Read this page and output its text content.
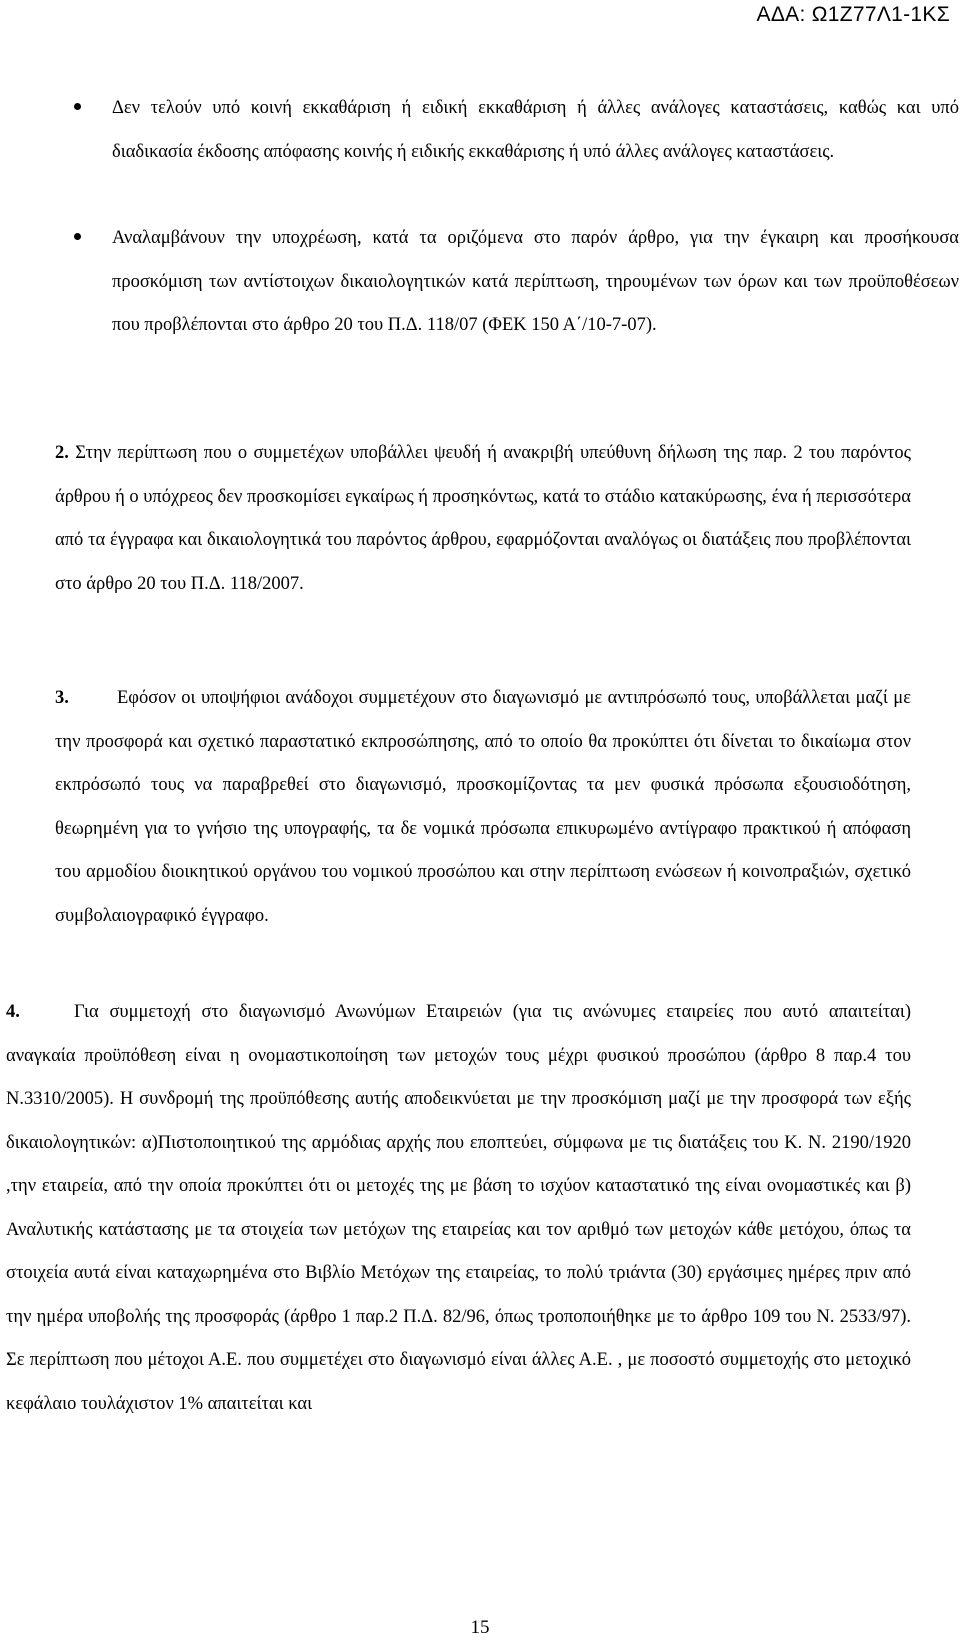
ΑΔΑ: Ω1Ζ77Λ1-1ΚΣ
Δεν τελούν υπό κοινή εκκαθάριση ή ειδική εκκαθάριση ή άλλες ανάλογες καταστάσεις, καθώς και υπό διαδικασία έκδοσης απόφασης κοινής ή ειδικής εκκαθάρισης ή υπό άλλες ανάλογες καταστάσεις.
Αναλαμβάνουν την υποχρέωση, κατά τα οριζόμενα στο παρόν άρθρο, για την έγκαιρη και προσήκουσα προσκόμιση των αντίστοιχων δικαιολογητικών κατά περίπτωση, τηρουμένων των όρων και των προϋποθέσεων που προβλέπονται στο άρθρο 20 του Π.Δ. 118/07 (ΦΕΚ 150 Α΄/10-7-07).
2. Στην περίπτωση που ο συμμετέχων υποβάλλει ψευδή ή ανακριβή υπεύθυνη δήλωση της παρ. 2 του παρόντος άρθρου ή ο υπόχρεος δεν προσκομίσει εγκαίρως ή προσηκόντως, κατά το στάδιο κατακύρωσης, ένα ή περισσότερα από τα έγγραφα και δικαιολογητικά του παρόντος άρθρου, εφαρμόζονται αναλόγως οι διατάξεις που προβλέπονται στο άρθρο 20 του Π.Δ. 118/2007.
3.	Εφόσον οι υποψήφιοι ανάδοχοι συμμετέχουν στο διαγωνισμό με αντιπρόσωπό τους, υποβάλλεται μαζί με την προσφορά και σχετικό παραστατικό εκπροσώπησης, από το οποίο θα προκύπτει ότι δίνεται το δικαίωμα στον εκπρόσωπό τους να παραβρεθεί στο διαγωνισμό, προσκομίζοντας τα μεν φυσικά πρόσωπα εξουσιοδότηση, θεωρημένη για το γνήσιο της υπογραφής, τα δε νομικά πρόσωπα επικυρωμένο αντίγραφο πρακτικού ή απόφαση του αρμοδίου διοικητικού οργάνου του νομικού προσώπου και στην περίπτωση ενώσεων ή κοινοπραξιών, σχετικό συμβολαιογραφικό έγγραφο.
4.	Για συμμετοχή στο διαγωνισμό Ανωνύμων Εταιρειών (για τις ανώνυμες εταιρείες που αυτό απαιτείται) αναγκαία προϋπόθεση είναι η ονομαστικοποίηση των μετοχών τους μέχρι φυσικού προσώπου (άρθρο 8 παρ.4 του Ν.3310/2005). Η συνδρομή της προϋπόθεσης αυτής αποδεικνύεται με την προσκόμιση μαζί με την προσφορά των εξής δικαιολογητικών: α)Πιστοποιητικού της αρμόδιας αρχής που εποπτεύει, σύμφωνα με τις διατάξεις του Κ. Ν. 2190/1920 ,την εταιρεία, από την οποία προκύπτει ότι οι μετοχές της με βάση το ισχύον καταστατικό της είναι ονομαστικές και β) Αναλυτικής κατάστασης με τα στοιχεία των μετόχων της εταιρείας και τον αριθμό των μετοχών κάθε μετόχου, όπως τα στοιχεία αυτά είναι καταχωρημένα στο Βιβλίο Μετόχων της εταιρείας, το πολύ τριάντα (30) εργάσιμες ημέρες πριν από την ημέρα υποβολής της προσφοράς (άρθρο 1 παρ.2 Π.Δ. 82/96, όπως τροποποιήθηκε με το άρθρο 109 του Ν. 2533/97). Σε περίπτωση που μέτοχοι Α.Ε. που συμμετέχει στο διαγωνισμό είναι άλλες Α.Ε. , με ποσοστό συμμετοχής στο μετοχικό κεφάλαιο τουλάχιστον 1% απαιτείται και
15
